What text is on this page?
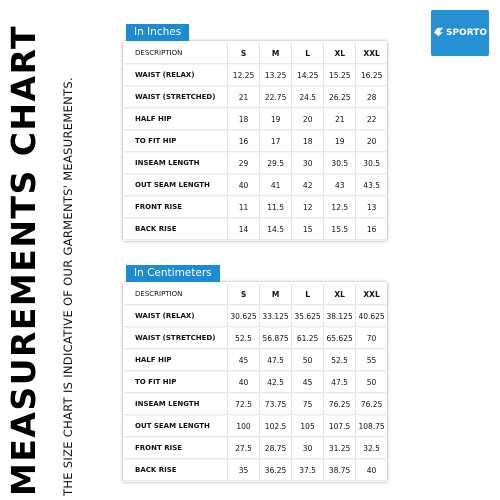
MEASUREMENTS CHART THE SIZE CHART IS INDICATIVE OF OUR GARMENTS' MEASUREMENTS.
SPORTO
In Inches
DESCRIPTION	S	M	L	XL	XXL
WAIST (RELAX)	12.25	13.25	14.25	15.25	16.25
WAIST (STRETCHED)	21	22.75	24.5	26.25	28
HALF HIP	18	19	20	21	22
TO FIT HIP	16	17	18	19	20
INSEAM LENGTH	29	29.5	30	30.5	30.5
OUT SEAM LENGTH	40	41	42	43	43.5
FRONT RISE	11	11.5	12	12.5	13
BACK RISE	14	14.5	15	15.5	16
In Centimeters
DESCRIPTION	S	M	L	XL	XXL
WAIST (RELAX)	30.625	33.125	35.625	38.125	40.625
WAIST (STRETCHED)	52.5	56.875	61.25	65.625	70
HALF HIP	45	47.5	50	52.5	55
TO FIT HIP	40	42.5	45	47.5	50
INSEAM LENGTH	72.5	73.75	75	76.25	76.25
OUT SEAM LENGTH	100	102.5	105	107.5	108.75
FRONT RISE	27.5	28.75	30	31.25	32.5
BACK RISE	35	36.25	37.5	38.75	40
